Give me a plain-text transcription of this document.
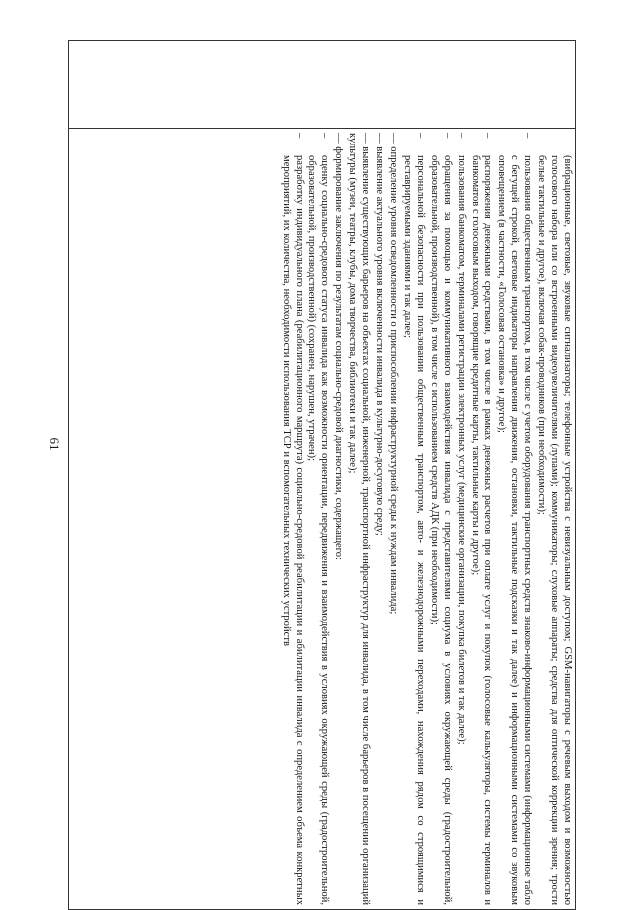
61
		(вибрационные, световые, звуковые сигнализаторы; телефонные устройства с невизуальным доступом; GSM-навигаторы с речевым выходом и возможностью голосового набора или со встроенными видеоувеличителями (лупами); коммуникаторы; слуховые аппараты; средства для оптической коррекции зрения; трости белые тактильные и другое), включая собак-проводников (при необходимости);
–
пользования общественным транспортом, в том числе с учетом оборудования транспортных средств знаково-информационными системами (информационное табло с бегущей строкой, световые индикаторы направления движения, остановки, тактильные подсказки и так далее) и информационными системами со звуковым оповещением (в частности, «Голосовая остановка» и другое);
–
распоряжения денежными средствами, в том числе в рамках денежных расчетов при оплате услуг и покупок (голосовые калькуляторы, системы терминалов и банкоматов с голосовым выходом, говорящие кредитные карты, тактильные карты и другое);
–
пользования банкоматом, терминалами регистрации электронных услуг (медицинские организации, покупка билетов и так далее);
–
обращения за помощью и коммуникативного взаимодействия инвалида с представителями социума в условиях окружающей среды (градостроительной, образовательной, производственной), в том числе с использованием средств АДК (при необходимости);
–
персональной безопасности при пользовании общественным транспортом, авто- и железнодорожными переходами, нахождения рядом со строящимися и реставрируемыми зданиями и так далее;
— определение уровня осведомленности о приспособлении инфраструктурной среды к нуждам инвалида;
— выявление актуального уровня включенности инвалида в культурно-досуговую среду;
— выявление существующих барьеров на объектах социальной, инженерной, транспортной инфраструктур для инвалида, в том числе барьеров в посещении организаций культуры (музеи, театры, клубы, дома творчества, библиотеки и так далее);
— формирование заключения по результатам социально-средовой диагностики, содержащего:
–
оценку социально-средового статуса инвалида как возможности ориентации, передвижения и взаимодействия в условиях окружающей среды (градостроительной, образовательной, производственной) (сохранен, нарушен, утрачен);
–
разработку индивидуального плана (реабилитационного маршрута) социально-средовой реабилитации и абилитации инвалида с определением объема конкретных мероприятий, их количества, необходимости использования ТСР и вспомогательных технических устройств
